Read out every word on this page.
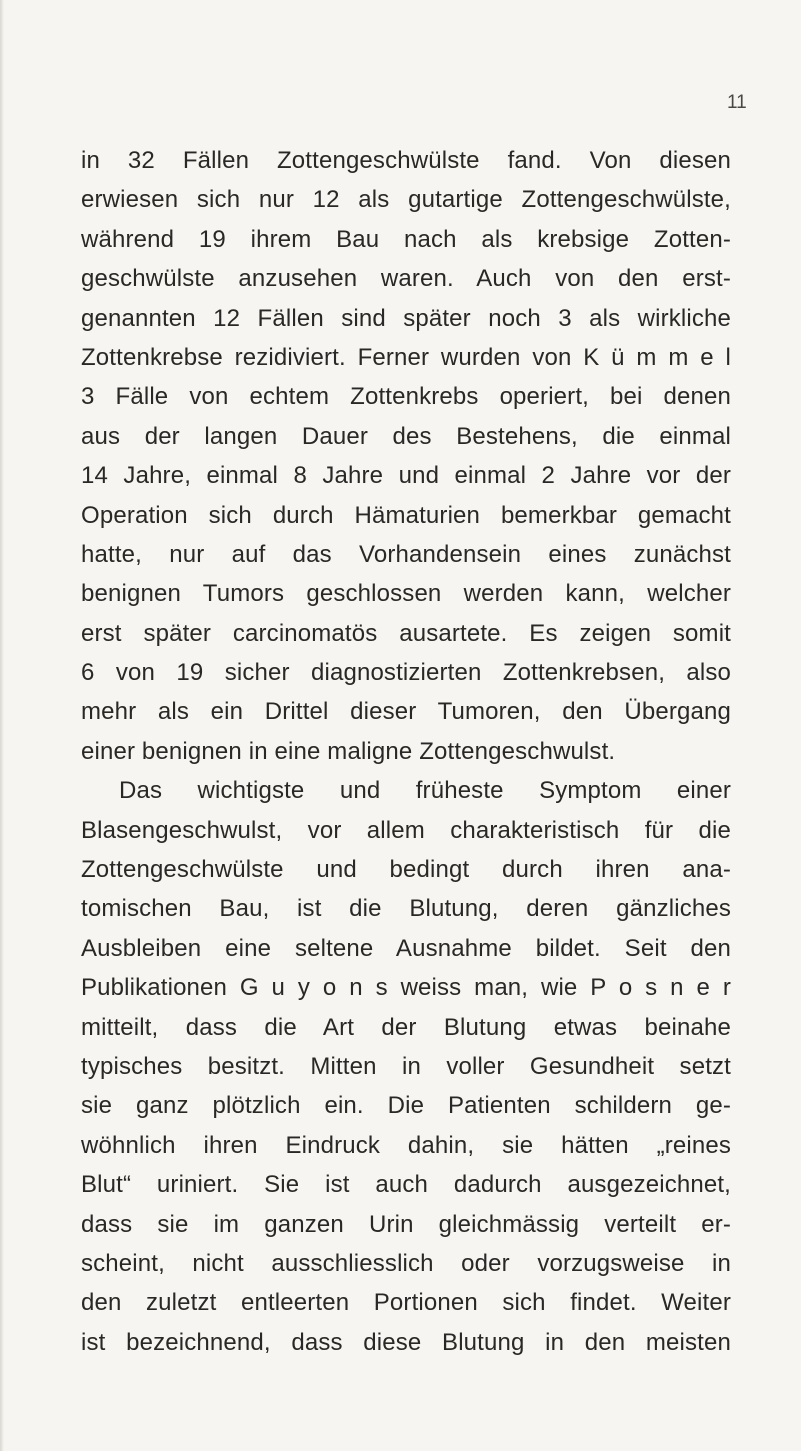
11
in 32 Fällen Zottengeschwülste fand. Von diesen
erwiesen sich nur 12 als gutartige Zottengeschwülste,
während 19 ihrem Bau nach als krebsige Zotten-
geschwülste anzusehen waren. Auch von den erst-
genannten 12 Fällen sind später noch 3 als wirkliche
Zottenkrebse rezidiviert. Ferner wurden von K ü m m e l
3 Fälle von echtem Zottenkrebs operiert, bei denen
aus der langen Dauer des Bestehens, die einmal
14 Jahre, einmal 8 Jahre und einmal 2 Jahre vor der
Operation sich durch Hämaturien bemerkbar gemacht
hatte, nur auf das Vorhandensein eines zunächst
benignen Tumors geschlossen werden kann, welcher
erst später carcinomatös ausartete. Es zeigen somit
6 von 19 sicher diagnostizierten Zottenkrebsen, also
mehr als ein Drittel dieser Tumoren, den Übergang
einer benignen in eine maligne Zottengeschwulst.
Das wichtigste und früheste Symptom einer
Blasengeschwulst, vor allem charakteristisch für die
Zottengeschwülste und bedingt durch ihren ana-
tomischen Bau, ist die Blutung, deren gänzliches
Ausbleiben eine seltene Ausnahme bildet. Seit den
Publikationen G u y o n s weiss man, wie P o s n e r
mitteilt, dass die Art der Blutung etwas beinahe
typisches besitzt. Mitten in voller Gesundheit setzt
sie ganz plötzlich ein. Die Patienten schildern ge-
wöhnlich ihren Eindruck dahin, sie hätten „reines
Blut“ uriniert. Sie ist auch dadurch ausgezeichnet,
dass sie im ganzen Urin gleichmässig verteilt er-
scheint, nicht ausschliesslich oder vorzugsweise in
den zuletzt entleerten Portionen sich findet. Weiter
ist bezeichnend, dass diese Blutung in den meisten
